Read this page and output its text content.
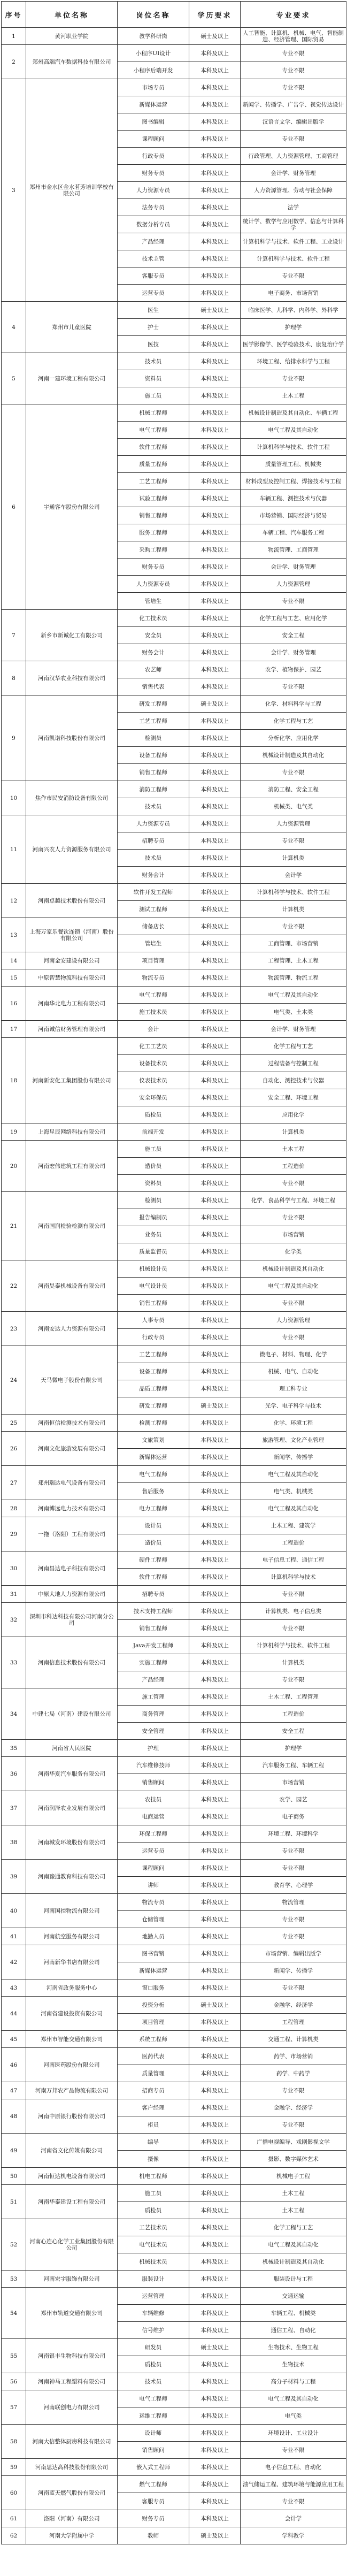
序号	单位名称	岗位名称	学历要求	专业要求
1	黄河职业学院	教学科研岗	硕士及以上	人工智能、计算机、机械、电气、智能制造、经济管理、国际贸易
2	郑州高端汽车数据科技有限公司	小程序UI设计	本科及以上	专业不限
		小程序后端开发	本科及以上	专业不限
3	郑州市金水区金水茗芳培训学校有限公司	市场专员	本科及以上	专业不限
		新媒体运营	本科及以上	新闻学、传播学、广告学、视觉传达设计
		图书编辑	本科及以上	汉语言文学、编辑出版学
		课程顾问	本科及以上	专业不限
		行政专员	本科及以上	行政管理、人力资源管理、工商管理
		财务专员	本科及以上	会计学、财务管理
		人力资源专员	本科及以上	人力资源管理、劳动与社会保障
		法务专员	本科及以上	法学
		数据分析专员	本科及以上	统计学、数学与应用数学、信息与计算科学
		产品经理	本科及以上	计算机科学与技术、软件工程、工业设计
		技术主管	本科及以上	计算机科学与技术、软件工程
		客服专员	本科及以上	专业不限
		运营专员	本科及以上	电子商务、市场营销
4	郑州市儿童医院	医生	硕士及以上	临床医学、儿科学、内科学、外科学
		护士	本科及以上	护理学
		医技	本科及以上	医学影像学、医学检验技术、康复治疗学
5	河南一建环境工程有限公司	技术员	本科及以上	环境工程、给排水科学与工程
		资料员	本科及以上	专业不限
		施工员	本科及以上	土木工程
6	宇通客车股份有限公司	机械工程师	本科及以上	机械设计制造及其自动化、车辆工程
		电气工程师	本科及以上	电气工程及其自动化
		软件工程师	本科及以上	计算机科学与技术、软件工程
		质量工程师	本科及以上	质量管理工程、机械类
		工艺工程师	本科及以上	材料成型及控制工程、焊接技术与工程
		试验工程师	本科及以上	车辆工程、测控技术与仪器
		销售工程师	本科及以上	市场营销、国际经济与贸易
		服务工程师	本科及以上	车辆工程、汽车服务工程
		采购工程师	本科及以上	物流管理、工商管理
		财务专员	本科及以上	会计学、财务管理
		人力资源专员	本科及以上	人力资源管理
		管培生	本科及以上	专业不限
7	新乡市新诚化工有限公司	化工技术员	本科及以上	化学工程与工艺、应用化学
		安全员	本科及以上	安全工程
		财务会计	本科及以上	会计学、财务管理
8	河南汉华农业科技有限公司	农艺师	本科及以上	农学、植物保护、园艺
		销售代表	本科及以上	专业不限
9	河南凯诺科技股份有限公司	研发工程师	硕士及以上	化学、材料科学与工程
		工艺工程师	本科及以上	化学工程与工艺
		检测员	本科及以上	分析化学、应用化学
		设备工程师	本科及以上	机械设计制造及其自动化
		销售工程师	本科及以上	专业不限
10	焦作市民安消防设备有限公司	消防工程师	本科及以上	消防工程、安全工程
		技术员	本科及以上	机械类、电气类
11	河南兴农人力资源服务有限公司	人力资源专员	本科及以上	人力资源管理
		招聘专员	本科及以上	专业不限
		技术员	本科及以上	计算机类
		财务会计	本科及以上	会计学
12	河南卓越技术股份有限公司	软件开发工程师	本科及以上	计算机科学与技术、软件工程
		测试工程师	本科及以上	计算机类
13	上海万家乐餐饮连锁（河南）股份有限公司	储备店长	本科及以上	专业不限
		管培生	本科及以上	工商管理、市场营销
14	河南金安建设有限公司	项目管理	本科及以上	工程管理、土木工程
15	中原智慧物流科技有限公司	物流专员	本科及以上	物流管理、物流工程
16	河南华北电力工程有限公司	电气工程师	本科及以上	电气工程及其自动化
		施工技术员	本科及以上	电气类、土木类
17	河南诚信财务管理有限公司	会计	本科及以上	会计学、财务管理
18	河南新安化工集团股份有限公司	化工工艺员	本科及以上	化学工程与工艺
		设备技术员	本科及以上	过程装备与控制工程
		仪表技术员	本科及以上	自动化、测控技术与仪器
		安全环保员	本科及以上	安全工程、环境工程
		质检员	本科及以上	应用化学
19	上海星辰网络科技有限公司	前端开发	本科及以上	计算机类
20	河南宏伟建筑工程有限公司	施工员	本科及以上	土木工程
		造价员	本科及以上	工程造价
		资料员	本科及以上	专业不限
21	河南国润检验检测有限公司	检测员	本科及以上	化学、食品科学与工程、环境工程
		报告编制员	本科及以上	专业不限
		业务员	本科及以上	市场营销
		质量监督员	本科及以上	化学类
22	河南昊泰机械设备有限公司	机械设计员	本科及以上	机械设计制造及其自动化
		电气设计员	本科及以上	电气工程及其自动化
		销售工程师	本科及以上	专业不限
23	河南安达人力资源有限公司	人事专员	本科及以上	人力资源管理
		行政专员	本科及以上	专业不限
24	天马微电子股份有限公司	工艺工程师	本科及以上	微电子、材料、物理、化学
		设备工程师	本科及以上	机械、电气、自动化
		品质工程师	本科及以上	理工科专业
		研发工程师	硕士及以上	光学、电子科学与技术
25	河南恒信检测技术有限公司	检测工程师	本科及以上	化学、环境工程
26	河南文化旅游发展有限公司	文旅策划	本科及以上	旅游管理、文化产业管理
		新媒体运营	本科及以上	新闻学、传播学
27	郑州瑞达电气设备有限公司	电气工程师	本科及以上	电气工程及其自动化
		售后服务	本科及以上	电气类、机械类
28	河南博远电力技术有限公司	电力工程师	本科及以上	电气工程及其自动化
29	一拖（洛阳）工程有限公司	设计员	本科及以上	土木工程、建筑学
		造价员	本科及以上	工程造价
30	河南昌达电子科技有限公司	硬件工程师	本科及以上	电子信息工程、通信工程
		软件工程师	本科及以上	计算机科学与技术
31	中原大地人力资源有限公司	招聘专员	本科及以上	专业不限
32	深圳市科达科技有限公司河南分公司	技术支持工程师	本科及以上	计算机类、电子信息类
		销售工程师	本科及以上	专业不限
33	河南信息技术股份有限公司	Java开发工程师	本科及以上	计算机科学与技术、软件工程
		实施工程师	本科及以上	计算机类
		产品经理	本科及以上	专业不限
34	中建七局（河南）建设有限公司	施工管理	本科及以上	土木工程、工程管理
		商务管理	本科及以上	工程造价
		安全管理	本科及以上	安全工程
35	河南省人民医院	护理	本科及以上	护理学
36	河南华夏汽车服务有限公司	汽车维修技师	本科及以上	汽车服务工程、车辆工程
		销售顾问	本科及以上	市场营销
37	河南润泽农业发展有限公司	农技员	本科及以上	农学、园艺
		电商运营	本科及以上	电子商务
38	河南城发环境股份有限公司	环保工程师	本科及以上	环境工程、环境科学
		运营专员	本科及以上	专业不限
39	河南豫通教育科技有限公司	课程顾问	本科及以上	专业不限
		讲师	本科及以上	教育学、心理学
40	河南国控物流有限公司	物流专员	本科及以上	物流管理
		仓储管理	本科及以上	专业不限
41	河南航空服务有限公司	地勤人员	本科及以上	专业不限
42	河南新华书店有限公司	图书营销	本科及以上	市场营销、编辑出版学
		新媒体运营	本科及以上	新闻学、传播学
43	河南省政务服务中心	窗口服务	本科及以上	专业不限
44	河南省建设投资有限公司	投资分析	硕士及以上	金融学、经济学
		项目管理	本科及以上	工程管理
45	郑州市智能交通有限公司	系统工程师	本科及以上	交通工程、计算机类
46	河南医药股份有限公司	医药代表	本科及以上	药学、市场营销
		质量管理	本科及以上	药学、中药学
47	河南万邦农产品物流有限公司	招商专员	本科及以上	专业不限
48	河南中原银行股份有限公司	客户经理	本科及以上	金融学、经济学
		柜员	本科及以上	专业不限
49	河南省文化传媒有限公司	编导	本科及以上	广播电视编导、戏剧影视文学
		摄像	本科及以上	摄影、数字媒体艺术
50	河南恒达机电设备有限公司	机电工程师	本科及以上	机械电子工程
51	河南华泰建设工程有限公司	施工员	本科及以上	土木工程
		质检员	本科及以上	土木工程
52	河南心连心化学工业集团股份有限公司	工艺技术员	本科及以上	化学工程与工艺
		电气技术员	本科及以上	电气工程及其自动化
		机械技术员	本科及以上	机械设计制造及其自动化
53	河南宏宇服饰有限公司	服装设计	本科及以上	服装设计与工程
54	郑州市轨道交通有限公司	运营管理	本科及以上	交通运输
		车辆维修	本科及以上	车辆工程、机械类
		信号维护	本科及以上	通信工程、自动化
55	河南银丰生物科技有限公司	研发员	硕士及以上	生物技术、生物工程
		质检员	本科及以上	生物技术
56	河南神马工程塑料有限公司	技术员	本科及以上	高分子材料与工程
57	河南联创电力有限公司	电气工程师	本科及以上	电气工程及其自动化
		运维工程师	本科及以上	电气类
58	河南大信整体厨房科技有限公司	设计师	本科及以上	环境设计、工业设计
		销售顾问	本科及以上	专业不限
59	河南思达高科技股份有限公司	嵌入式工程师	本科及以上	电子信息工程、自动化
60	河南蓝天燃气股份有限公司	燃气工程师	本科及以上	油气储运工程、建筑环境与能源应用工程
		客服专员	本科及以上	专业不限
61	洛阳（河南）有限公司	财务专员	本科及以上	会计学
62	河南大学附属中学	教师	硕士及以上	学科教学
